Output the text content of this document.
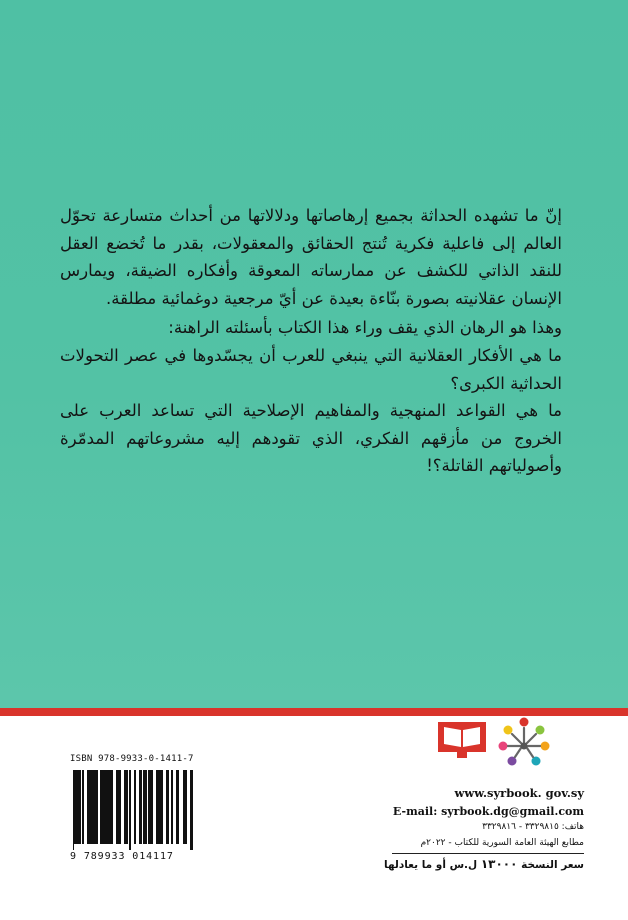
إنّ ما تشهده الحداثة بجميع إرهاصاتها ودلالاتها من أحداث متسارعة تحوّل العالم إلى فاعلية فكرية تُنتج الحقائق والمعقولات، بقدر ما تُخضع العقل للنقد الذاتي للكشف عن ممارساته المعوقة وأفكاره الضيقة، ويمارس الإنسان عقلانيته بصورة بنّاءة بعيدة عن أيّ مرجعية دوغمائية مطلقة.

وهذا هو الرهان الذي يقف وراء هذا الكتاب بأسئلته الراهنة:

ما هي الأفكار العقلانية التي ينبغي للعرب أن يجسّدوها في عصر التحولات الحداثية الكبرى؟

ما هي القواعد المنهجية والمفاهيم الإصلاحية التي تساعد العرب على الخروج من مأزقهم الفكري، الذي تقودهم إليه مشروعاتهم المدمّرة وأصولياتهم القاتلة؟!

ISBN 978-9933-0-1411-7
9 789933 014117
www.syrbook. gov.sy
E-mail: syrbook.dg@gmail.com
هاتف: ٣٣٢٩٨١٥ - ٣٣٢٩٨١٦
مطابع الهيئة العامة السورية للكتاب - ٢٠٢٢م
سعر النسخة ١٣٠٠٠ ل.س أو ما يعادلها
